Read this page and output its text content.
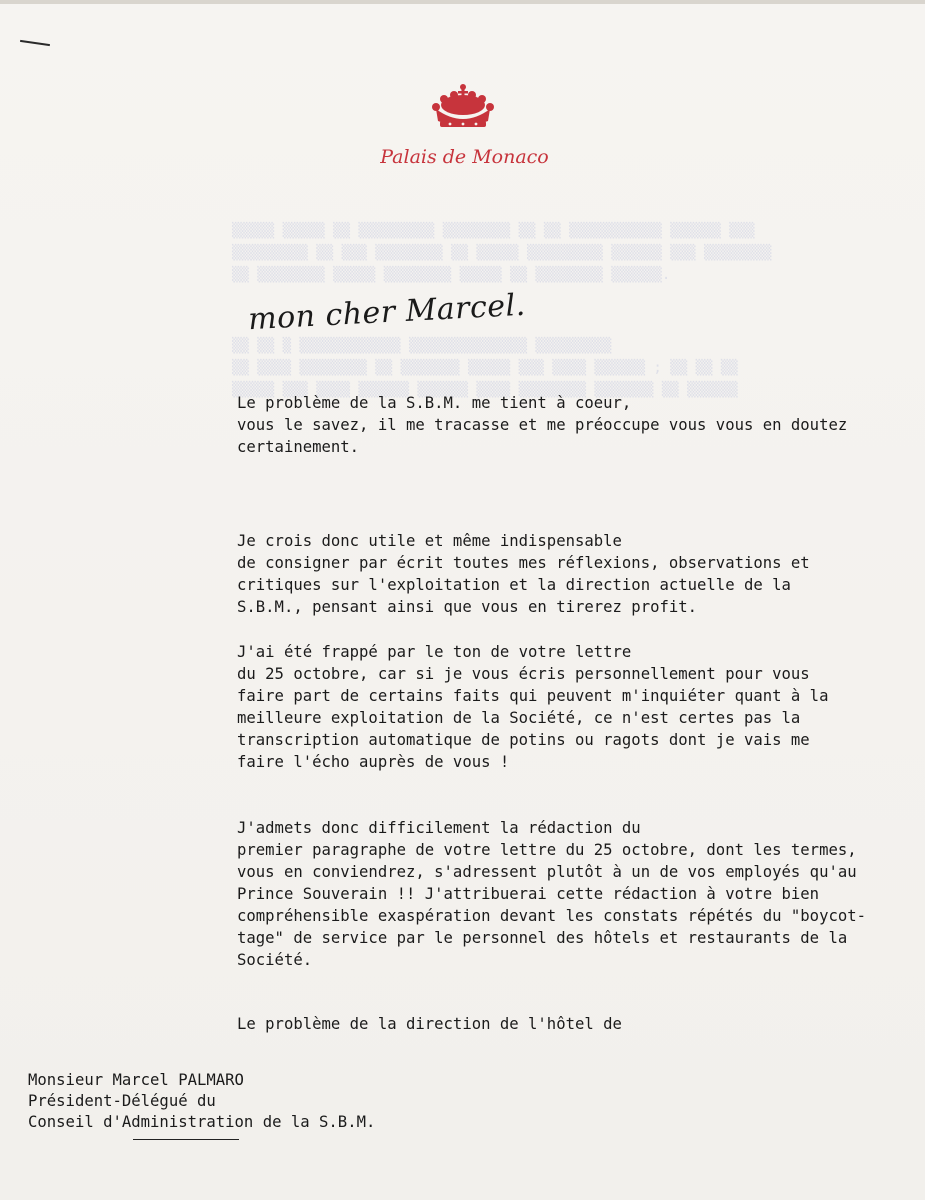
▒▒▒▒▒ ▒▒▒▒▒ ▒▒ ▒▒▒▒▒▒▒▒▒ ▒▒▒▒▒▒▒▒ ▒▒ ▒▒ ▒▒▒▒▒▒▒▒▒▒▒ ▒▒▒▒▒▒ ▒▒▒
▒▒▒▒▒▒▒▒▒ ▒▒ ▒▒▒ ▒▒▒▒▒▒▒▒ ▒▒ ▒▒▒▒▒ ▒▒▒▒▒▒▒▒▒ ▒▒▒▒▒▒ ▒▒▒ ▒▒▒▒▒▒▒▒
▒▒ ▒▒▒▒▒▒▒▒ ▒▒▒▒▒ ▒▒▒▒▒▒▒▒ ▒▒▒▒▒ ▒▒ ▒▒▒▒▒▒▒▒ ▒▒▒▒▒▒.
▒▒ ▒▒ ▒ ▒▒▒▒▒▒▒▒▒▒▒▒ ▒▒▒▒▒▒▒▒▒▒▒▒▒▒ ▒▒▒▒▒▒▒▒▒
▒▒ ▒▒▒▒ ▒▒▒▒▒▒▒▒ ▒▒ ▒▒▒▒▒▒▒ ▒▒▒▒▒ ▒▒▒ ▒▒▒▒ ▒▒▒▒▒▒ ; ▒▒ ▒▒ ▒▒
▒▒▒▒▒ ▒▒▒ ▒▒▒▒ ▒▒▒▒▒▒ ▒▒▒▒▒▒ ▒▒▒▒ ▒▒▒▒▒▒▒▒ ▒▒▒▒▒▒▒ ▒▒ ▒▒▒▒▒▒
Palais de Monaco
mon cher Marcel.
Le problème de la S.B.M. me tient à coeur,
vous le savez, il me tracasse et me préoccupe vous vous en doutez
certainement.
Je crois donc utile et même indispensable
de consigner par écrit toutes mes réflexions, observations et
critiques sur l'exploitation et la direction actuelle de la
S.B.M., pensant ainsi que vous en tirerez profit.
J'ai été frappé par le ton de votre lettre
du 25 octobre, car si je vous écris personnellement pour vous
faire part de certains faits qui peuvent m'inquiéter quant à la
meilleure exploitation de la Société, ce n'est certes pas la
transcription automatique de potins ou ragots dont je vais me
faire l'écho auprès de vous !
J'admets donc difficilement la rédaction du
premier paragraphe de votre lettre du 25 octobre, dont les termes,
vous en conviendrez, s'adressent plutôt à un de vos employés qu'au
Prince Souverain !! J'attribuerai cette rédaction à votre bien
compréhensible exaspération devant les constats répétés du "boycot-
tage" de service par le personnel des hôtels et restaurants de la
Société.
Le problème de la direction de l'hôtel de
Monsieur Marcel PALMARO
Président-Délégué du
Conseil d'Administration de la S.B.M.
